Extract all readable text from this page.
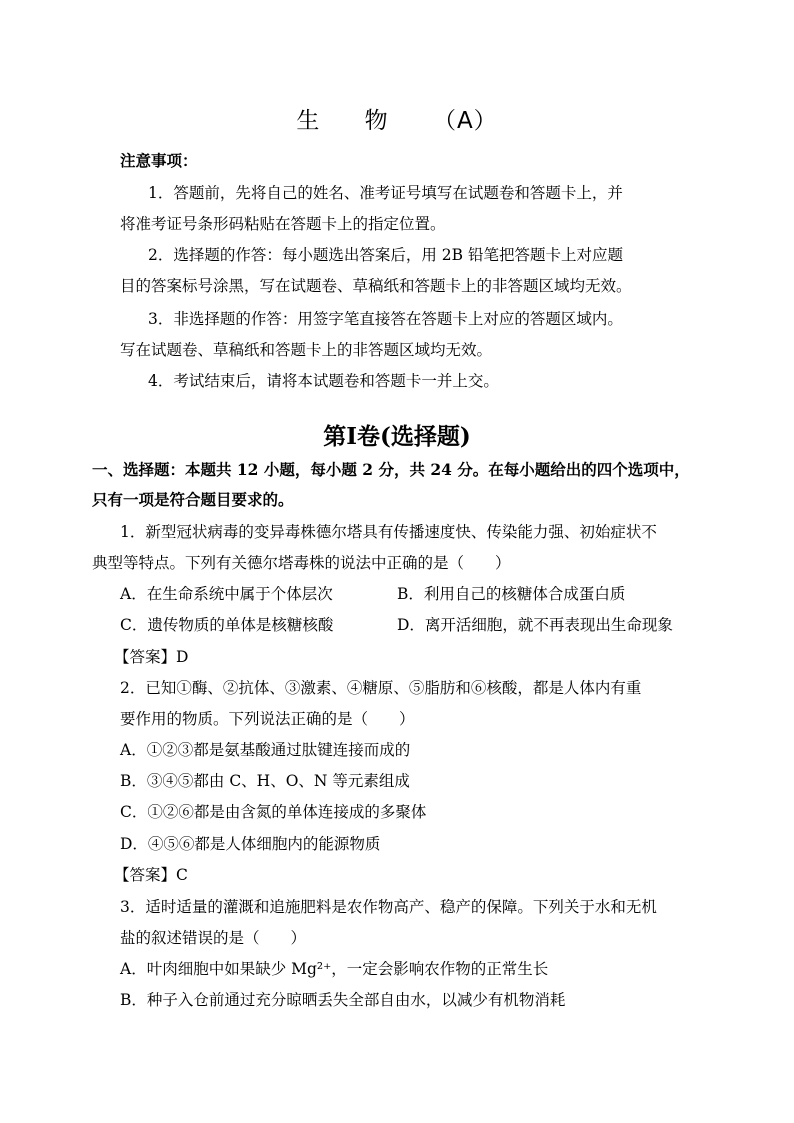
生 物 （A）
注意事项：
1．答题前，先将自己的姓名、准考证号填写在试题卷和答题卡上，并
将准考证号条形码粘贴在答题卡上的指定位置。
2．选择题的作答：每小题选出答案后，用 2B 铅笔把答题卡上对应题
目的答案标号涂黑，写在试题卷、草稿纸和答题卡上的非答题区域均无效。
3．非选择题的作答：用签字笔直接答在答题卡上对应的答题区域内。
写在试题卷、草稿纸和答题卡上的非答题区域均无效。
4．考试结束后，请将本试题卷和答题卡一并上交。
第Ⅰ卷(选择题)
一、选择题：本题共 12 小题，每小题 2 分，共 24 分。在每小题给出的四个选项中，
只有一项是符合题目要求的。
1．新型冠状病毒的变异毒株德尔塔具有传播速度快、传染能力强、初始症状不
典型等特点。下列有关德尔塔毒株的说法中正确的是（　　）
A．在生命系统中属于个体层次	B．利用自己的核糖体合成蛋白质
C．遗传物质的单体是核糖核酸	D．离开活细胞，就不再表现出生命现象
【答案】D
2．已知①酶、②抗体、③激素、④糖原、⑤脂肪和⑥核酸，都是人体内有重
要作用的物质。下列说法正确的是（　　）
A．①②③都是氨基酸通过肽键连接而成的
B．③④⑤都由 C、H、O、N 等元素组成
C．①②⑥都是由含氮的单体连接成的多聚体
D．④⑤⑥都是人体细胞内的能源物质
【答案】C
3．适时适量的灌溉和追施肥料是农作物高产、稳产的保障。下列关于水和无机
盐的叙述错误的是（　　）
A．叶肉细胞中如果缺少 Mg²⁺，一定会影响农作物的正常生长
B．种子入仓前通过充分晾晒丢失全部自由水，以减少有机物消耗
